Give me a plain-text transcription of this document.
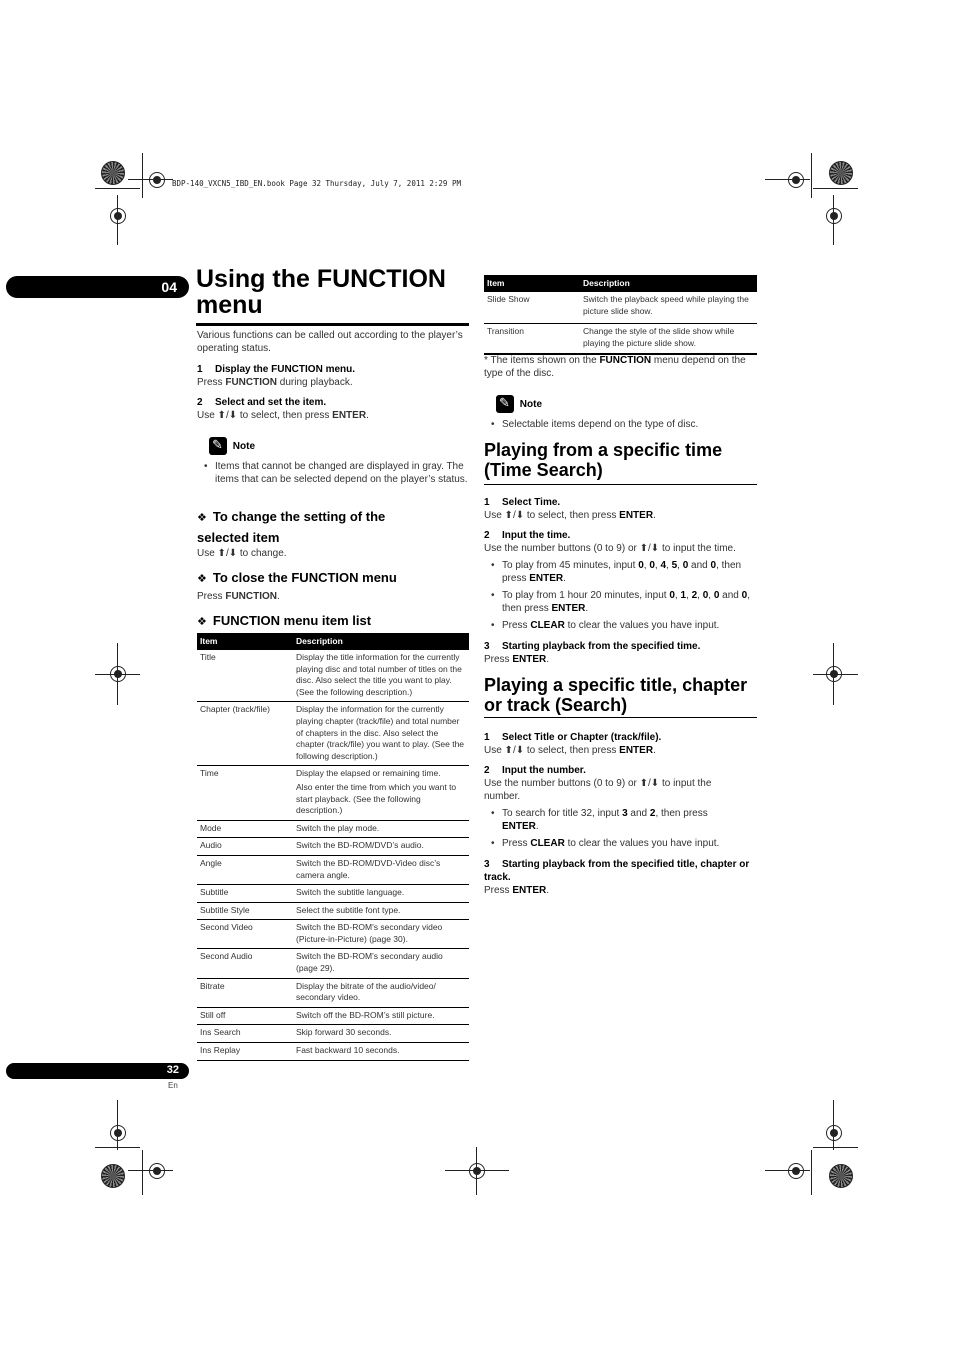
BDP-140_VXCN5_IBD_EN.book Page 32 Thursday, July 7, 2011 2:29 PM
04 Using the FUNCTION menu
Various functions can be called out according to the player’s operating status.
1 Display the FUNCTION menu.
Press FUNCTION during playback.
2 Select and set the item.
Use ⬆/⬇ to select, then press ENTER.
✎ Note
• Items that cannot be changed are displayed in gray. The items that can be selected depend on the player’s status.
❖ To change the setting of the
selected item
Use ⬆/⬇ to change.
❖ To close the FUNCTION menu
Press FUNCTION.
❖ FUNCTION menu item list
Item	Description
Title	Display the title information for the currently playing disc and total number of titles on the disc. Also select the title you want to play. (See the following description.)
Chapter (track/file)	Display the information for the currently playing chapter (track/file) and total number of chapters in the disc. Also select the chapter (track/file) you want to play. (See the following description.)
Time	Display the elapsed or remaining time.
Also enter the time from which you want to start playback. (See the following description.)

Mode	Switch the play mode.
Audio	Switch the BD-ROM/DVD’s audio.
Angle	Switch the BD-ROM/DVD-Video disc’s camera angle.
Subtitle	Switch the subtitle language.
Subtitle Style	Select the subtitle font type.
Second Video	Switch the BD-ROM’s secondary video (Picture-in-Picture) (page 30).
Second Audio	Switch the BD-ROM’s secondary audio (page 29).
Bitrate	Display the bitrate of the audio/video/ secondary video.
Still off	Switch off the BD-ROM’s still picture.
Ins Search	Skip forward 30 seconds.
Ins Replay	Fast backward 10 seconds.
32
En
Item	Description
Slide Show	Switch the playback speed while playing the picture slide show.
Transition	Change the style of the slide show while playing the picture slide show.
* The items shown on the FUNCTION menu depend on the type of the disc.
✎ Note
• Selectable items depend on the type of disc.
Playing from a specific time (Time Search)
1 Select Time.
Use ⬆/⬇ to select, then press ENTER.
2 Input the time.
Use the number buttons (0 to 9) or ⬆/⬇ to input the time.
• To play from 45 minutes, input 0, 0, 4, 5, 0 and 0, then press ENTER.
• To play from 1 hour 20 minutes, input 0, 1, 2, 0, 0 and 0, then press ENTER.
• Press CLEAR to clear the values you have input.
3 Starting playback from the specified time.
Press ENTER.
Playing a specific title, chapter or track (Search)
1 Select Title or Chapter (track/file).
Use ⬆/⬇ to select, then press ENTER.
2 Input the number.
Use the number buttons (0 to 9) or ⬆/⬇ to input the number.
• To search for title 32, input 3 and 2, then press ENTER.
• Press CLEAR to clear the values you have input.
3 Starting playback from the specified title, chapter or track.
Press ENTER.
